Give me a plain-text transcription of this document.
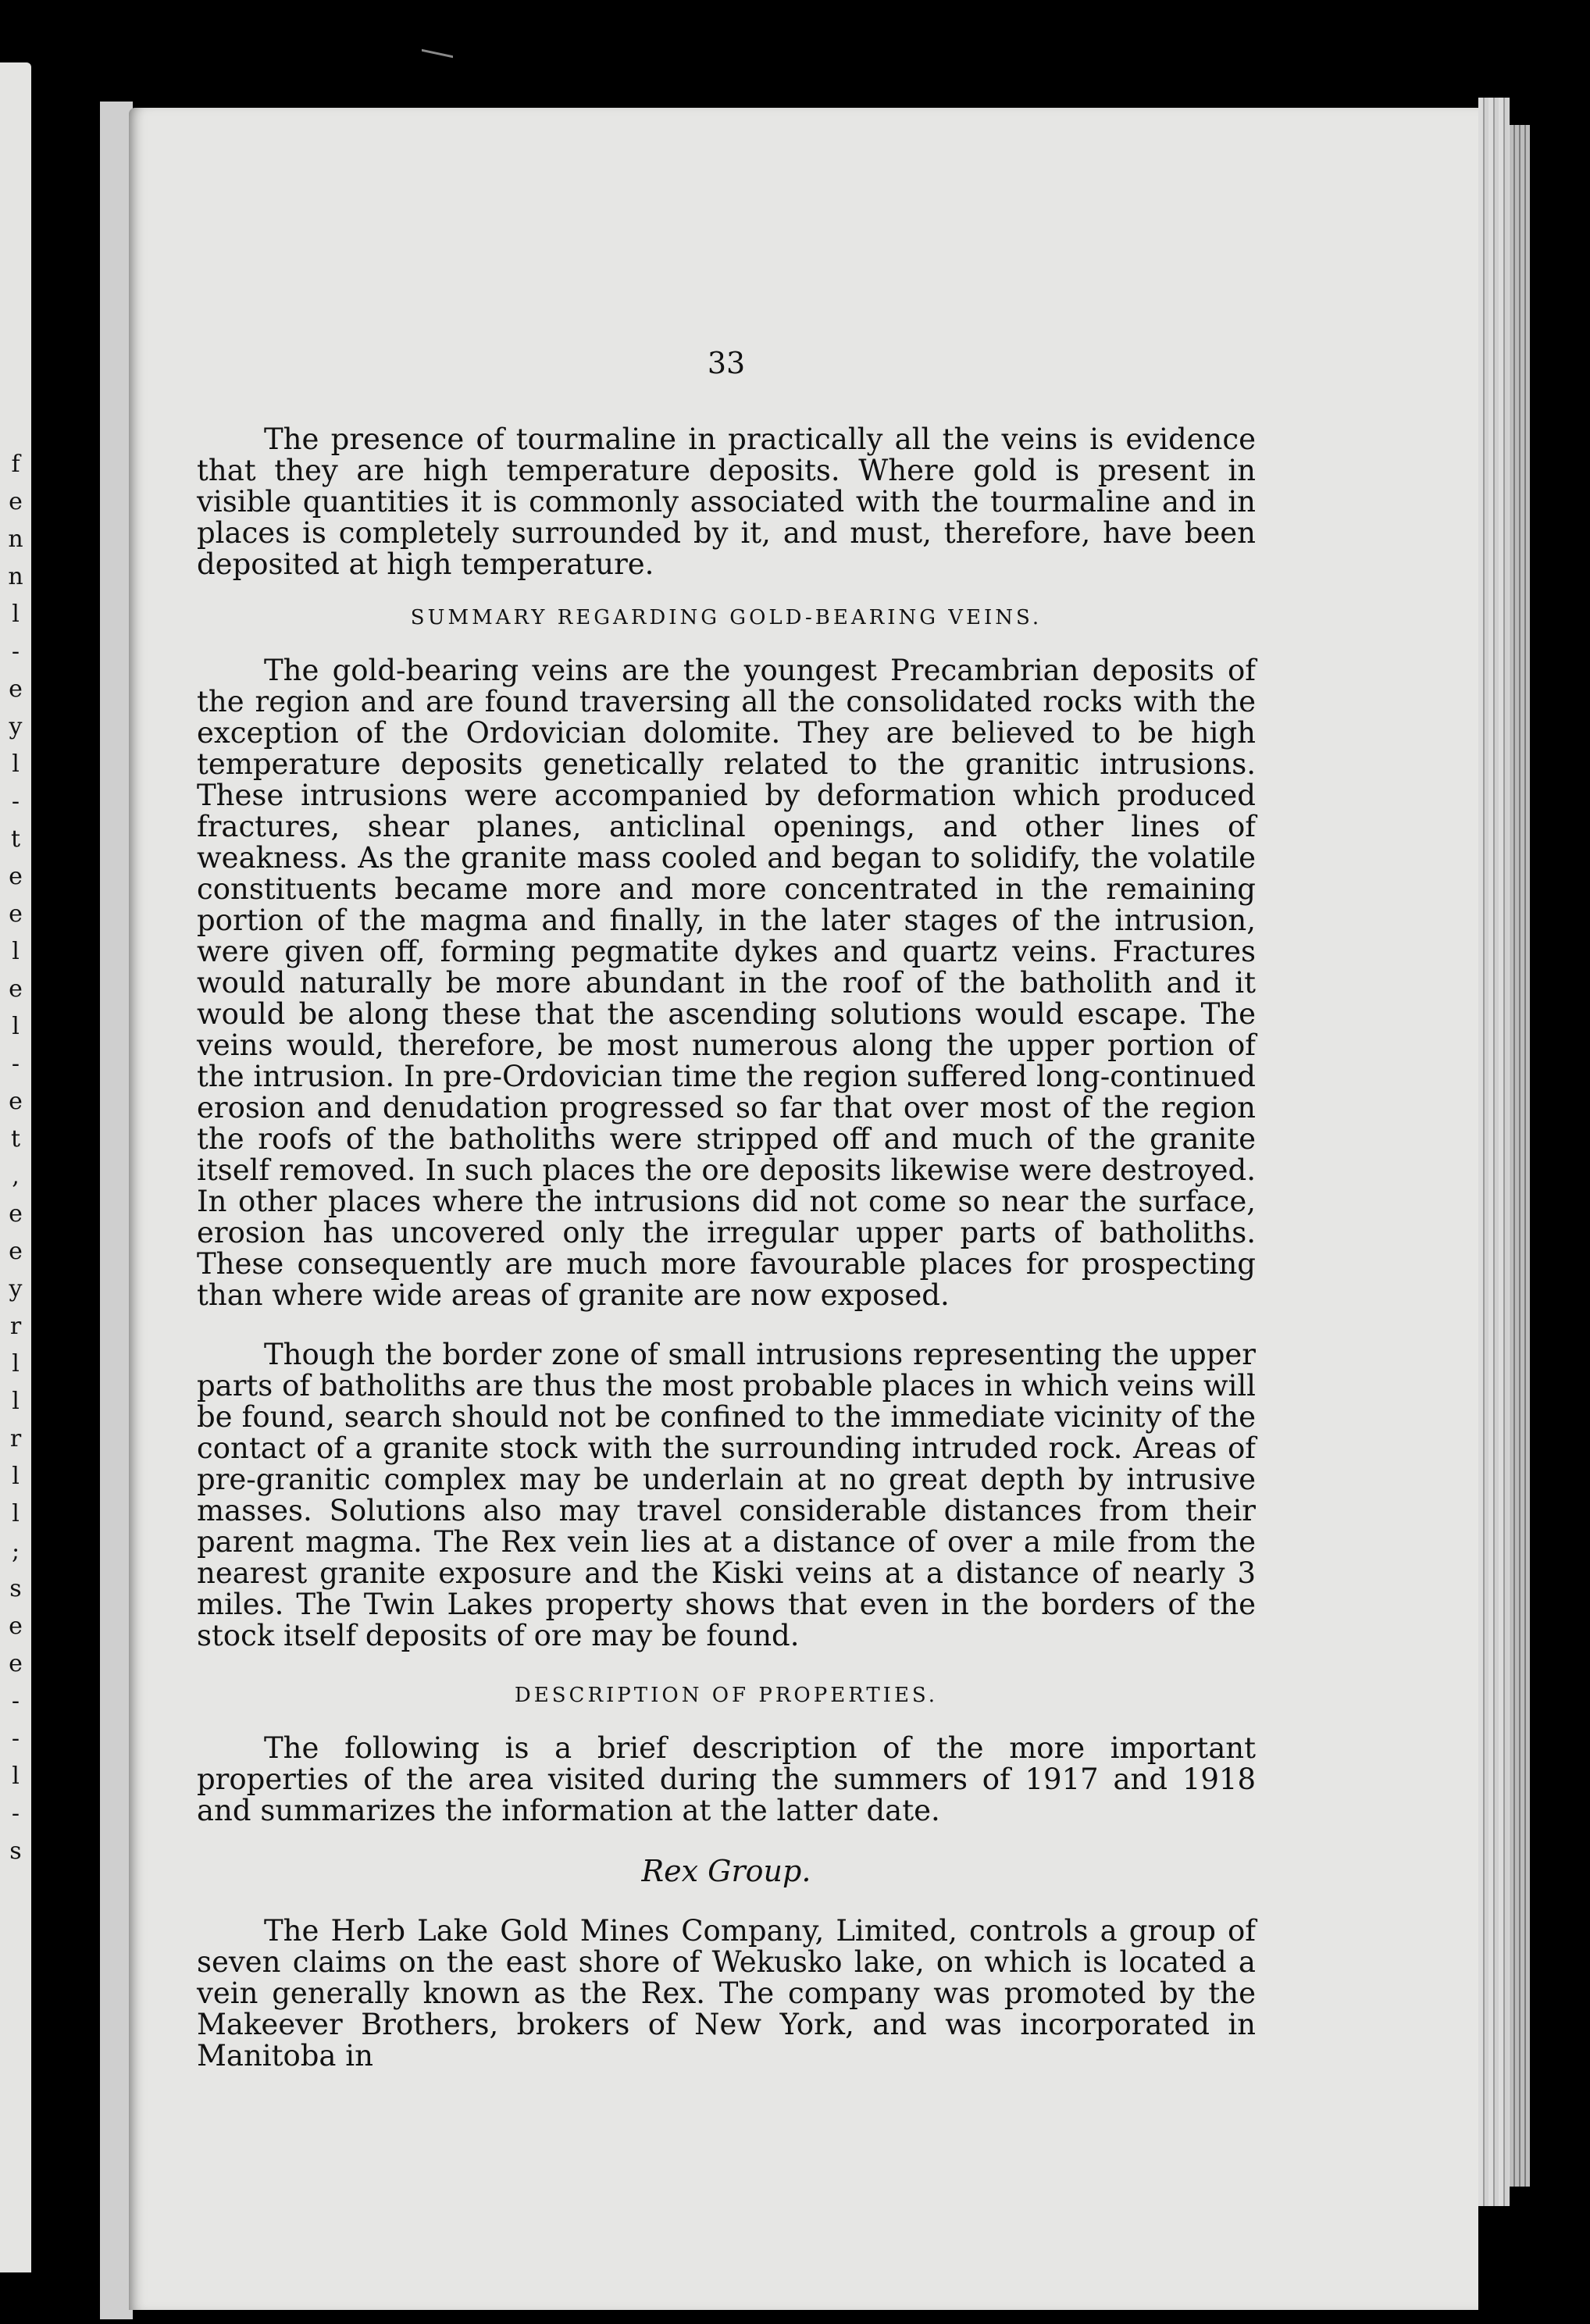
f
e
n
n
l
-
e
y
l
-
t
e
e
l
e
l
-
e
t
,
e
e
y
r
l
l
r
l
l
;
s
e
e
-
-
l
-
s
33

The presence of tourmaline in practically all the veins is evidence that they are high temperature deposits. Where gold is present in visible quantities it is commonly associated with the tourmaline and in places is completely surrounded by it, and must, therefore, have been deposited at high temperature.

SUMMARY REGARDING GOLD-BEARING VEINS.

The gold-bearing veins are the youngest Precambrian deposits of the region and are found traversing all the consolidated rocks with the exception of the Ordovician dolomite. They are believed to be high temperature deposits genetically related to the granitic intrusions. These intrusions were accompanied by deformation which produced fractures, shear planes, anticlinal openings, and other lines of weakness. As the granite mass cooled and began to solidify, the volatile constituents became more and more concentrated in the remaining portion of the magma and finally, in the later stages of the intrusion, were given off, forming pegmatite dykes and quartz veins. Fractures would naturally be more abundant in the roof of the batholith and it would be along these that the ascending solutions would escape. The veins would, therefore, be most numerous along the upper portion of the intrusion. In pre-Ordovician time the region suffered long-continued erosion and denudation progressed so far that over most of the region the roofs of the batholiths were stripped off and much of the granite itself removed. In such places the ore deposits likewise were destroyed. In other places where the intrusions did not come so near the surface, erosion has uncovered only the irregular upper parts of batholiths. These consequently are much more favourable places for prospecting than where wide areas of granite are now exposed.

Though the border zone of small intrusions representing the upper parts of batholiths are thus the most probable places in which veins will be found, search should not be confined to the immediate vicinity of the contact of a granite stock with the surrounding intruded rock. Areas of pre-granitic complex may be underlain at no great depth by intrusive masses. Solutions also may travel considerable distances from their parent magma. The Rex vein lies at a distance of over a mile from the nearest granite exposure and the Kiski veins at a distance of nearly 3 miles. The Twin Lakes property shows that even in the borders of the stock itself deposits of ore may be found.

DESCRIPTION OF PROPERTIES.

The following is a brief description of the more important properties of the area visited during the summers of 1917 and 1918 and summarizes the information at the latter date.

Rex Group.

The Herb Lake Gold Mines Company, Limited, controls a group of seven claims on the east shore of Wekusko lake, on which is located a vein generally known as the Rex. The company was promoted by the Makeever Brothers, brokers of New York, and was incorporated in Manitoba in
